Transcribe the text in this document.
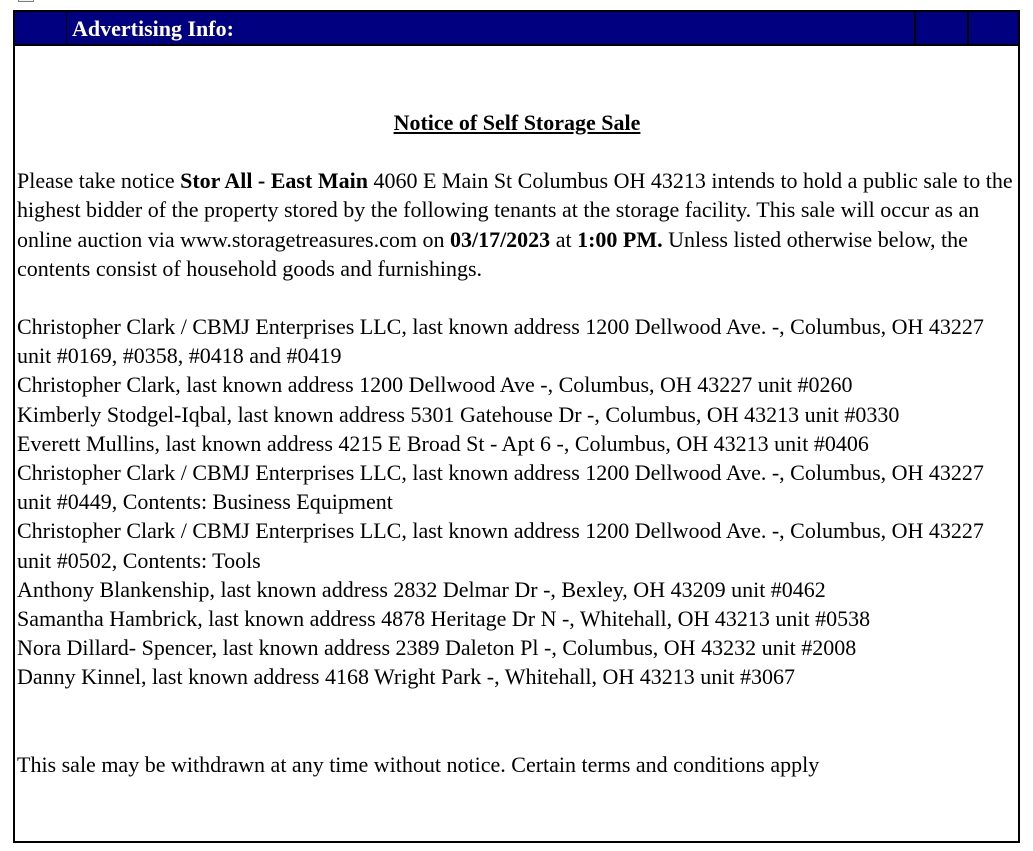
Advertising Info:
Notice of Self Storage Sale
Please take notice Stor All - East Main 4060 E Main St Columbus OH 43213 intends to hold a public sale to the highest bidder of the property stored by the following tenants at the storage facility. This sale will occur as an online auction via www.storagetreasures.com on 03/17/2023 at 1:00 PM. Unless listed otherwise below, the contents consist of household goods and furnishings.
Christopher Clark / CBMJ Enterprises LLC, last known address 1200 Dellwood Ave. -, Columbus, OH 43227 unit #0169, #0358, #0418 and #0419
Christopher Clark, last known address 1200 Dellwood Ave -, Columbus, OH 43227 unit #0260
Kimberly Stodgel-Iqbal, last known address 5301 Gatehouse Dr -, Columbus, OH 43213 unit #0330
Everett Mullins, last known address 4215 E Broad St - Apt 6 -, Columbus, OH 43213 unit #0406
Christopher Clark / CBMJ Enterprises LLC, last known address 1200 Dellwood Ave. -, Columbus, OH 43227 unit #0449, Contents: Business Equipment
Christopher Clark / CBMJ Enterprises LLC, last known address 1200 Dellwood Ave. -, Columbus, OH 43227 unit #0502, Contents: Tools
Anthony Blankenship, last known address 2832 Delmar Dr -, Bexley, OH 43209 unit #0462
Samantha Hambrick, last known address 4878 Heritage Dr N -, Whitehall, OH 43213 unit #0538
Nora Dillard- Spencer, last known address 2389 Daleton Pl -, Columbus, OH 43232 unit #2008
Danny Kinnel, last known address 4168 Wright Park -, Whitehall, OH 43213 unit #3067
This sale may be withdrawn at any time without notice. Certain terms and conditions apply
